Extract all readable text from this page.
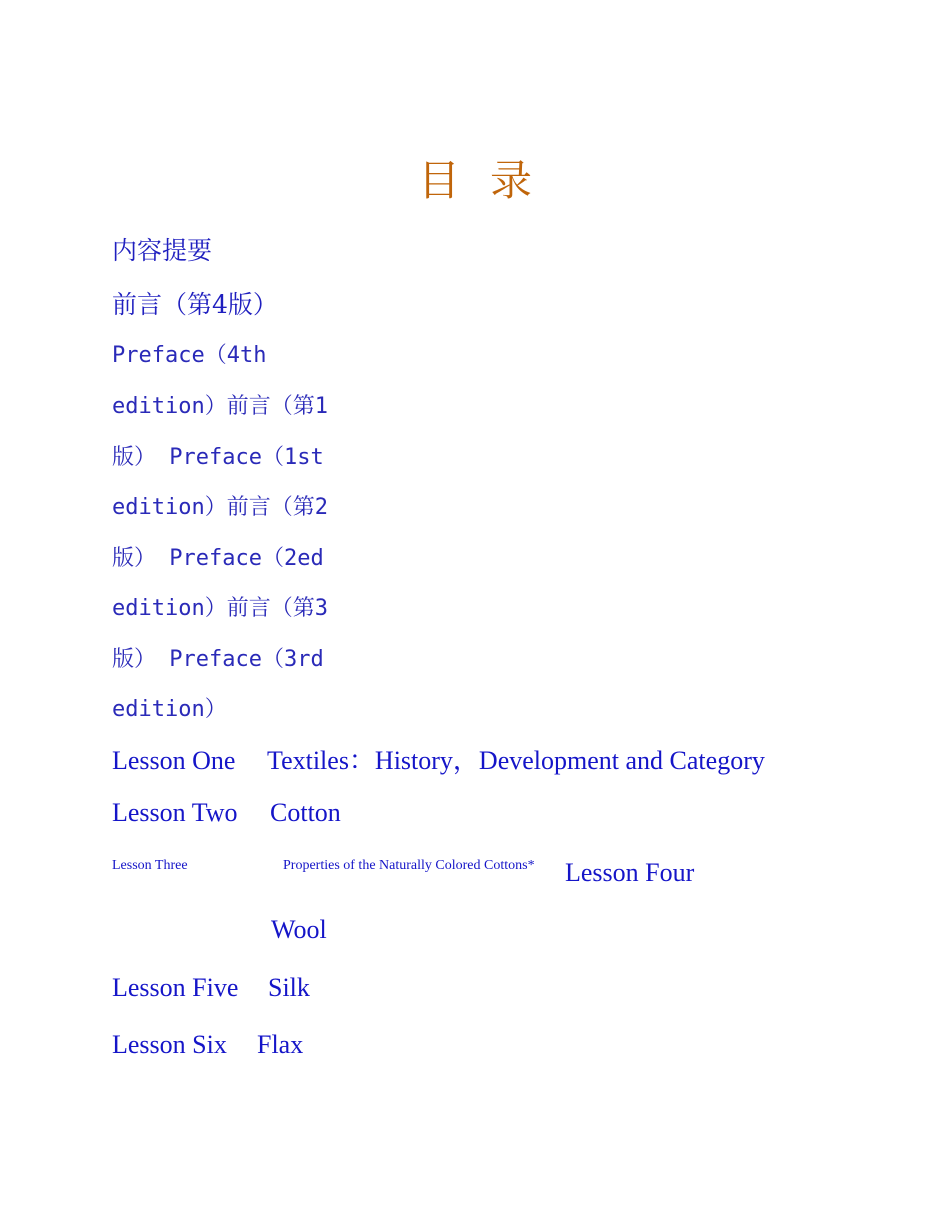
目录
内容提要
前言（第4版）
Preface（4th
edition）前言（第1
版） Preface（1st
edition）前言（第2
版） Preface（2ed
edition）前言（第3
版） Preface（3rd
edition）
Lesson One Textiles：History，Development and Category
Lesson Two Cotton
Lesson Three	Properties of the Naturally Colored Cottons* Lesson Four
Wool
Lesson Five Silk
Lesson Six Flax
